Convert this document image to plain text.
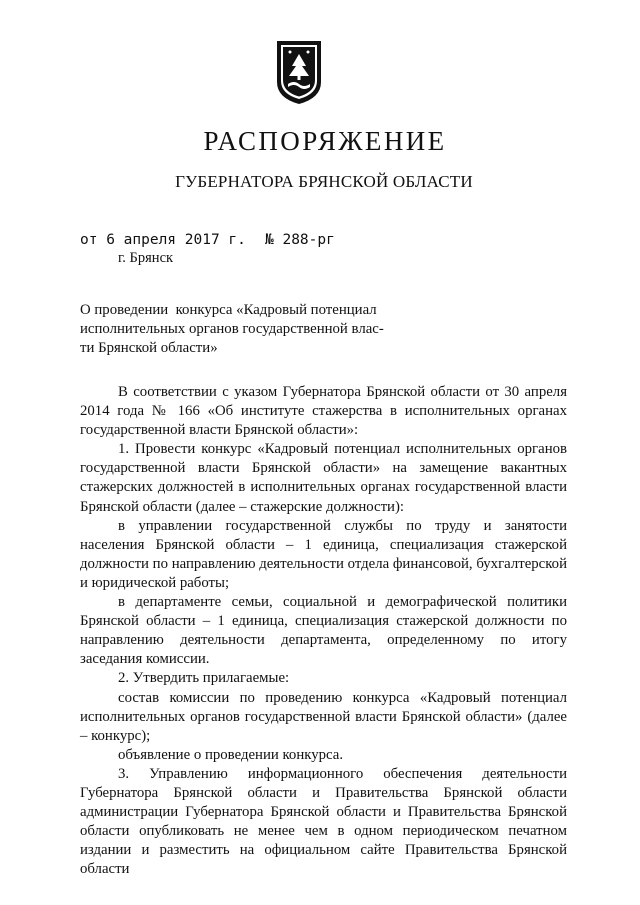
РАСПОРЯЖЕНИЕ
ГУБЕРНАТОРА БРЯНСКОЙ ОБЛАСТИ
от 6 апреля 2017 г. № 288-рг
г. Брянск
О проведении  конкурса «Кадровый потенциал
исполнительных органов государственной влас-
ти Брянской области»

В соответствии с указом Губернатора Брянской области от 30 апреля 2014 года № 166 «Об институте стажерства в исполнительных органах государственной власти Брянской области»:

1. Провести конкурс «Кадровый потенциал исполнительных органов государственной власти Брянской области» на замещение вакантных стажерских должностей в исполнительных органах государственной власти Брянской области (далее – стажерские должности):

в управлении государственной службы по труду и занятости населения Брянской области – 1 единица, специализация стажерской должности по направлению деятельности отдела финансовой, бухгалтерской и юридической работы;

в департаменте семьи, социальной и демографической политики Брянской области – 1 единица, специализация стажерской должности по направлению деятельности департамента, определенному по итогу заседания комиссии.

2. Утвердить прилагаемые:

состав комиссии по проведению конкурса «Кадровый потенциал исполнительных органов государственной власти Брянской области» (далее – конкурс);

объявление о проведении конкурса.

3. Управлению информационного обеспечения деятельности Губернатора Брянской области и Правительства Брянской области администрации Губернатора Брянской области и Правительства Брянской области опубликовать не менее чем в одном периодическом печатном издании и разместить на официальном сайте Правительства Брянской области
